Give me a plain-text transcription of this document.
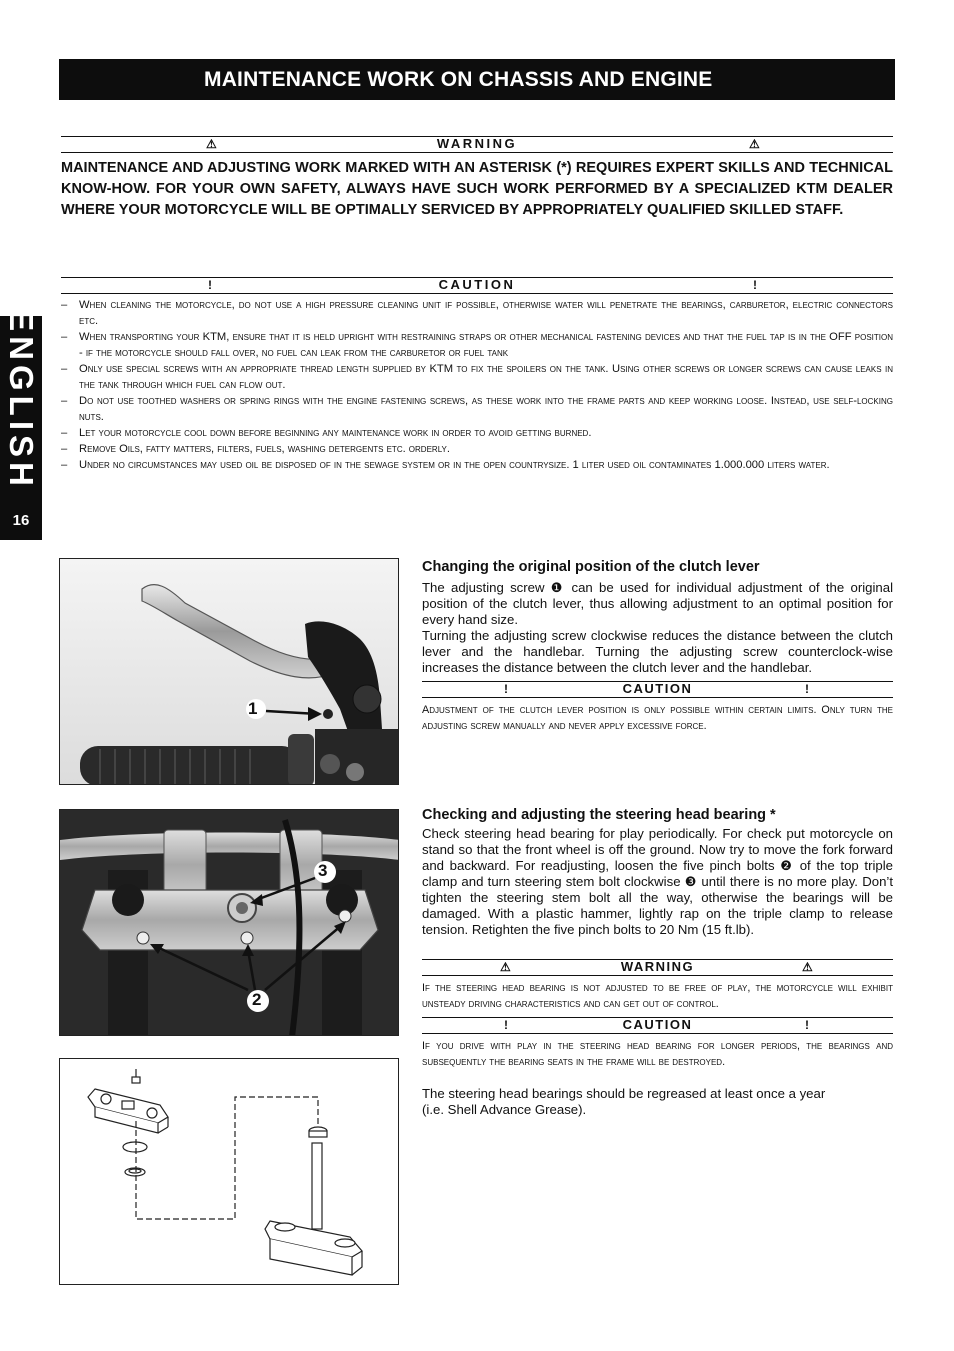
MAINTENANCE WORK ON CHASSIS AND ENGINE
ENGLISH
16
⚠	WARNING	⚠
MAINTENANCE AND ADJUSTING WORK MARKED WITH AN ASTERISK (*) REQUIRES EXPERT SKILLS AND TECHNICAL KNOW-HOW. FOR YOUR OWN SAFETY, ALWAYS HAVE SUCH WORK PERFORMED BY A SPECIALIZED KTM DEALER WHERE YOUR MOTORCYCLE WILL BE OPTIMALLY SERVICED BY APPROPRIATELY QUALIFIED SKILLED STAFF.
!	CAUTION	!
–	When cleaning the motorcycle, do not use a high pressure cleaning unit if possible, otherwise water will penetrate the bearings, carburetor, electric connectors etc.
–	When transporting your KTM, ensure that it is held upright with restraining straps or other mechanical fastening devices and that the fuel tap is in the OFF position - if the motorcycle should fall over, no fuel can leak from the carburetor or fuel tank
–	Only use special screws with an appropriate thread length supplied by KTM to fix the spoilers on the tank. Using other screws or longer screws can cause leaks in the tank through which fuel can flow out.
–	Do not use toothed washers or spring rings with the engine fastening screws, as these work into the frame parts and keep working loose. Instead, use self-locking nuts.
–	Let your motorcycle cool down before beginning any maintenance work in order to avoid getting burned.
–	Remove Oils, fatty matters, filters, fuels, washing detergents etc. orderly.
–	Under no circumstances may used oil be disposed of in the sewage system or in the open countrysize. 1 liter used oil contaminates 1.000.000 liters water.
1
Changing the original position of the clutch lever
The adjusting screw ❶ can be used for individual adjustment of the original position of the clutch lever, thus allowing adjustment to an optimal position for every hand size.
Turning the adjusting screw clockwise reduces the distance between the clutch lever and the handlebar. Turning the adjusting screw counterclock-wise increases the distance between the clutch lever and the handlebar.
!	CAUTION	!
Adjustment of the clutch lever position is only possible within certain limits. Only turn the adjusting screw manually and never apply excessive force.
3
2
Checking and adjusting the steering head bearing *
Check steering head bearing for play periodically. For check put motorcycle on stand so that the front wheel is off the ground. Now try to move the fork forward and backward. For readjusting, loosen the five pinch bolts ❷ of the top triple clamp and turn steering stem bolt clockwise ❸ until there is no more play. Don’t tighten the steering stem bolt all the way, otherwise the bearings will be damaged. With a plastic hammer, lightly rap on the triple clamp to release tension. Retighten the five pinch bolts to 20 Nm (15 ft.lb).
⚠	WARNING	⚠
If the steering head bearing is not adjusted to be free of play, the motorcycle will exhibit unsteady driving characteristics and can get out of control.
!	CAUTION	!
If you drive with play in the steering head bearing for longer periods, the bearings and subsequently the bearing seats in the frame will be destroyed.
The steering head bearings should be regreased at least once a year
(i.e. Shell Advance Grease).
